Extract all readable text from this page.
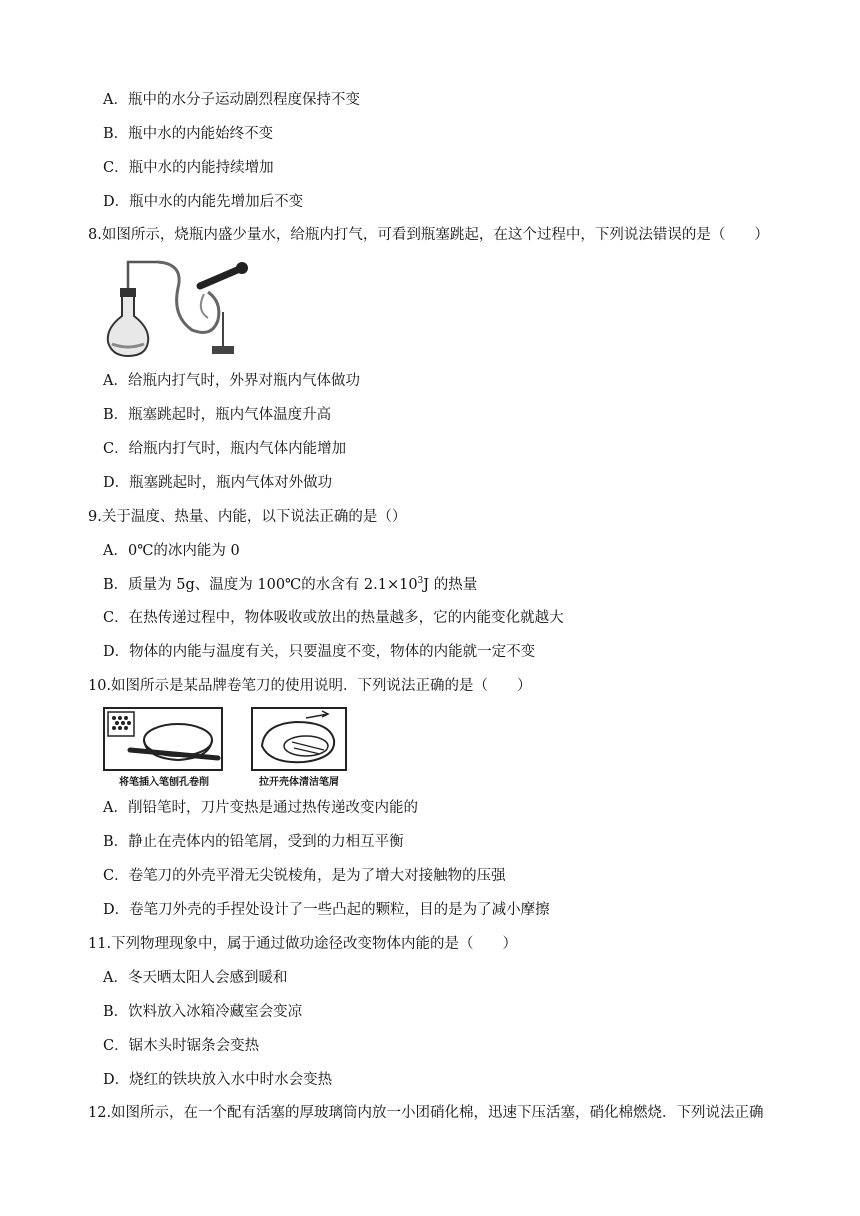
A．瓶中的水分子运动剧烈程度保持不变
B．瓶中水的内能始终不变
C．瓶中水的内能持续增加
D．瓶中水的内能先增加后不变
8.如图所示，烧瓶内盛少量水，给瓶内打气，可看到瓶塞跳起，在这个过程中，下列说法错误的是（　　）
A．给瓶内打气时，外界对瓶内气体做功
B．瓶塞跳起时，瓶内气体温度升高
C．给瓶内打气时，瓶内气体内能增加
D．瓶塞跳起时，瓶内气体对外做功
9.关于温度、热量、内能，以下说法正确的是（）
A．0℃的冰内能为 0
B．质量为 5g、温度为 100℃的水含有 $2.1\times 10^3J$ 的热量
C．在热传递过程中，物体吸收或放出的热量越多，它的内能变化就越大
D．物体的内能与温度有关，只要温度不变，物体的内能就一定不变
10.如图所示是某品牌卷笔刀的使用说明．下列说法正确的是（　　）
将笔插入笔刨孔卷削	拉开壳体清洁笔屑
A．削铅笔时，刀片变热是通过热传递改变内能的
B．静止在壳体内的铅笔屑，受到的力相互平衡
C．卷笔刀的外壳平滑无尖锐棱角，是为了增大对接触物的压强
D．卷笔刀外壳的手捏处设计了一些凸起的颗粒，目的是为了减小摩擦
11.下列物理现象中，属于通过做功途径改变物体内能的是（　　）
A．冬天晒太阳人会感到暖和
B．饮料放入冰箱冷藏室会变凉
C．锯木头时锯条会变热
D．烧红的铁块放入水中时水会变热
12.如图所示，在一个配有活塞的厚玻璃筒内放一小团硝化棉，迅速下压活塞，硝化棉燃烧．下列说法正确
